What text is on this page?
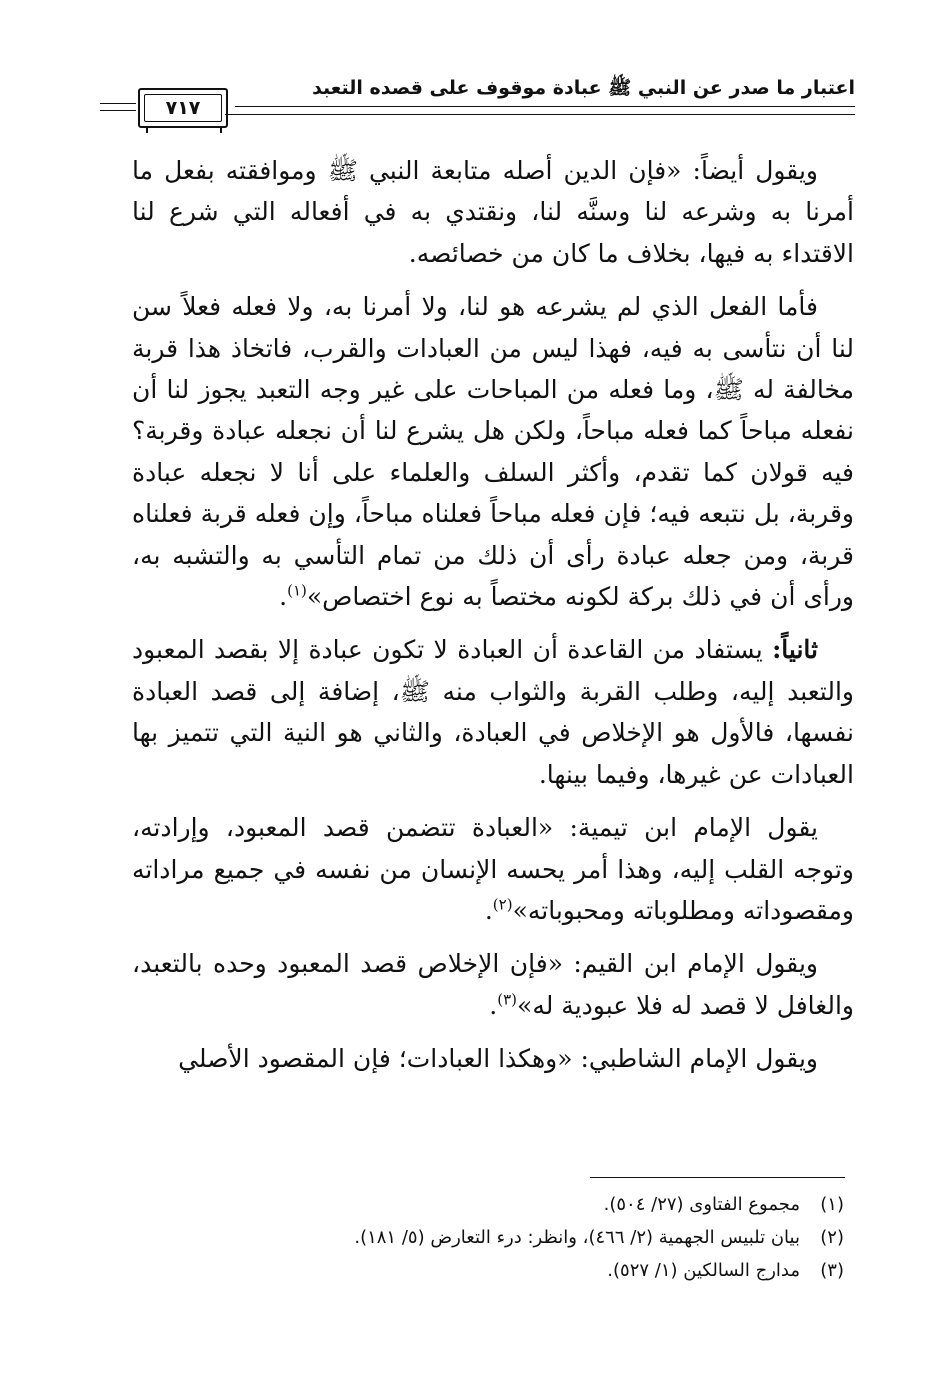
اعتبار ما صدر عن النبي ﷺ عبادة موقوف على قصده التعبد
٧١٧

ويقول أيضاً: «فإن الدين أصله متابعة النبي ﷺ وموافقته بفعل ما أمرنا به وشرعه لنا وسنَّه لنا، ونقتدي به في أفعاله التي شرع لنا الاقتداء به فيها، بخلاف ما كان من خصائصه.

فأما الفعل الذي لم يشرعه هو لنا، ولا أمرنا به، ولا فعله فعلاً سن لنا أن نتأسى به فيه، فهذا ليس من العبادات والقرب، فاتخاذ هذا قربة مخالفة له ﷺ، وما فعله من المباحات على غير وجه التعبد يجوز لنا أن نفعله مباحاً كما فعله مباحاً، ولكن هل يشرع لنا أن نجعله عبادة وقربة؟ فيه قولان كما تقدم، وأكثر السلف والعلماء على أنا لا نجعله عبادة وقربة، بل نتبعه فيه؛ فإن فعله مباحاً فعلناه مباحاً، وإن فعله قربة فعلناه قربة، ومن جعله عبادة رأى أن ذلك من تمام التأسي به والتشبه به، ورأى أن في ذلك بركة لكونه مختصاً به نوع اختصاص»$^{(١)}$.

ثانياً: يستفاد من القاعدة أن العبادة لا تكون عبادة إلا بقصد المعبود والتعبد إليه، وطلب القربة والثواب منه ﷺ، إضافة إلى قصد العبادة نفسها، فالأول هو الإخلاص في العبادة، والثاني هو النية التي تتميز بها العبادات عن غيرها، وفيما بينها.

يقول الإمام ابن تيمية: «العبادة تتضمن قصد المعبود، وإرادته، وتوجه القلب إليه، وهذا أمر يحسه الإنسان من نفسه في جميع مراداته ومقصوداته ومطلوباته ومحبوباته»$^{(٢)}$.

ويقول الإمام ابن القيم: «فإن الإخلاص قصد المعبود وحده بالتعبد، والغافل لا قصد له فلا عبودية له»$^{(٣)}$.

ويقول الإمام الشاطبي: «وهكذا العبادات؛ فإن المقصود الأصلي

(١)
مجموع الفتاوى (٢٧/ ٥٠٤).
(٢)
بيان تلبيس الجهمية (٢/ ٤٦٦)، وانظر: درء التعارض (٥/ ١٨١).
(٣)
مدارج السالكين (١/ ٥٢٧).
